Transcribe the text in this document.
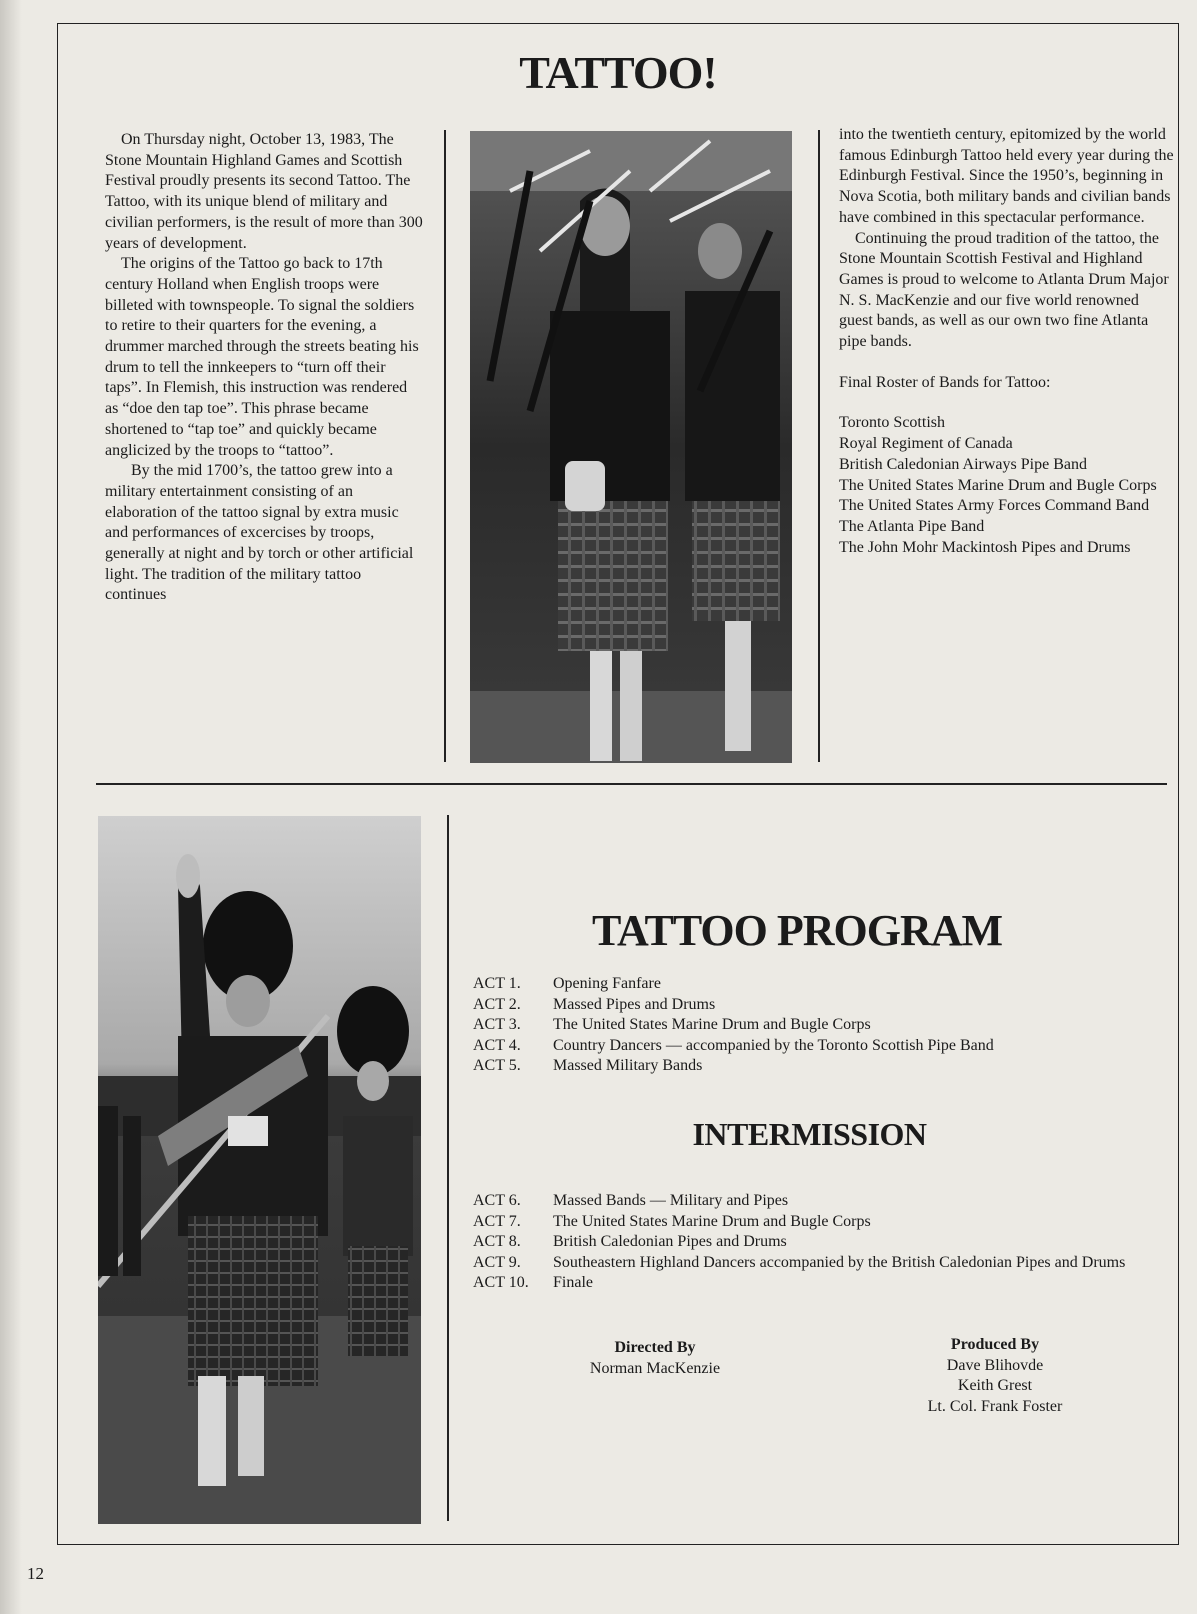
TATTOO!

On Thursday night, October 13, 1983, The Stone Mountain Highland Games and Scottish Festival proudly presents its second Tattoo. The Tattoo, with its unique blend of military and civilian performers, is the result of more than 300 years of development.

The origins of the Tattoo go back to 17th century Holland when English troops were billeted with townspeople. To signal the soldiers to retire to their quarters for the evening, a drummer marched through the streets beating his drum to tell the innkeepers to “turn off their taps”. In Flemish, this instruction was rendered as “doe den tap toe”. This phrase became shortened to “tap toe” and quickly became anglicized by the troops to “tattoo”.

By the mid 1700’s, the tattoo grew into a military entertainment consisting of an elaboration of the tattoo signal by extra music and performances of excercises by troops, generally at night and by torch or other artificial light. The tradition of the military tattoo continues

into the twentieth century, epitomized by the world famous Edinburgh Tattoo held every year during the Edinburgh Festival. Since the 1950’s, beginning in Nova Scotia, both military bands and civilian bands have combined in this spectacular performance.

Continuing the proud tradition of the tattoo, the Stone Mountain Scottish Festival and Highland Games is proud to welcome to Atlanta Drum Major N. S. MacKenzie and our five world renowned guest bands, as well as our own two fine Atlanta pipe bands.

Final Roster of Bands for Tattoo:

Toronto Scottish
Royal Regiment of Canada
British Caledonian Airways Pipe Band
The United States Marine Drum and Bugle Corps
The United States Army Forces Command Band
The Atlanta Pipe Band
The John Mohr Mackintosh Pipes and Drums
TATTOO PROGRAM
ACT 1.	Opening Fanfare
ACT 2.	Massed Pipes and Drums
ACT 3.	The United States Marine Drum and Bugle Corps
ACT 4.	Country Dancers — accompanied by the Toronto Scottish Pipe Band
ACT 5.	Massed Military Bands
INTERMISSION
ACT 6.	Massed Bands — Military and Pipes
ACT 7.	The United States Marine Drum and Bugle Corps
ACT 8.	British Caledonian Pipes and Drums
ACT 9.	Southeastern Highland Dancers accompanied by the British Caledonian Pipes and Drums
ACT 10.	Finale
Directed By
Norman MacKenzie
Produced By
Dave Blihovde
Keith Grest
Lt. Col. Frank Foster
12
